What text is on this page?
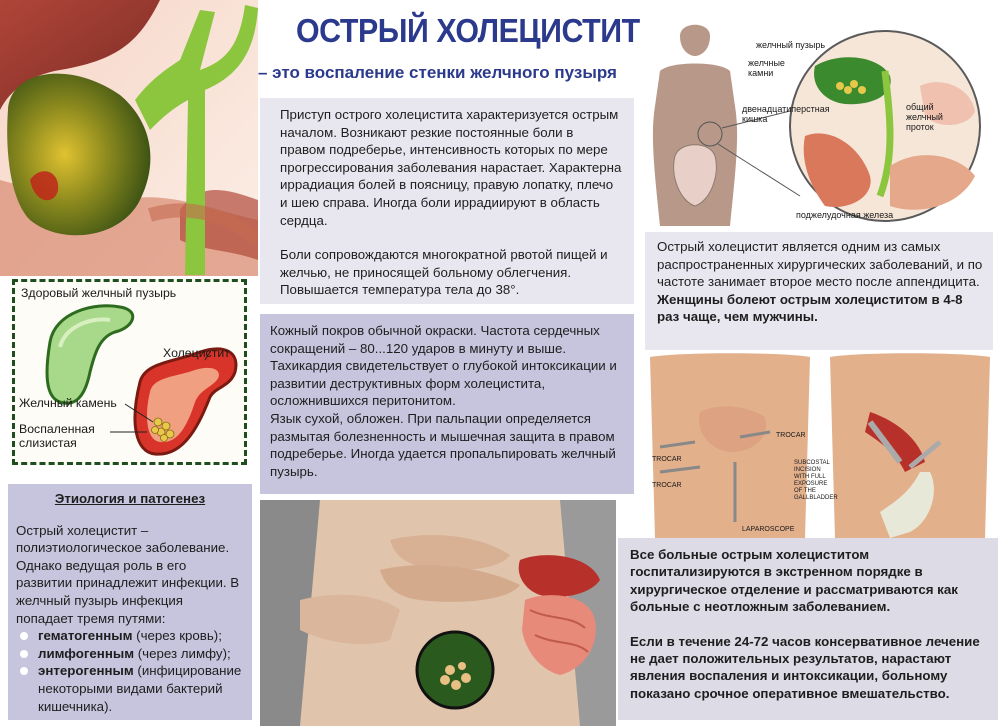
Здоровый желчный пузырь
Холецистит
Желчный камень
Воспаленная
слизистая
ОСТРЫЙ ХОЛЕЦИСТИТ
– это воспаление стенки желчного пузыря

Приступ острого холецистита характеризуется острым началом. Возникают резкие постоянные боли в правом подреберье, интенсивность которых по мере прогрессирования заболевания нарастает. Характерна иррадиация болей в поясницу, правую лопатку, плечо и шею справа. Иногда боли иррадиируют в область сердца.

Боли сопровождаются многократной рвотой пищей и желчью, не приносящей больному облегчения. Повышается температура тела до 38°.

Кожный покров обычной окраски. Частота сердечных сокращений – 80...120 ударов в минуту и выше. Тахикардия свидетельствует о глубокой интоксикации и развитии деструктивных форм холецистита, осложнившихся перитонитом.

Язык сухой, обложен. При пальпации определяется размытая болезненность и мышечная защита в правом подреберье. Иногда удается пропальпировать желчный пузырь.

желчный пузырь
желчные
камни
двенадцатиперстная
кишка
общий
желчный
проток
поджелудочная железа

Острый холецистит является одним из самых распространенных хирургических заболеваний, и по частоте занимает второе место после аппендицита.

Женщины болеют острым холециститом в 4-8 раз чаще, чем мужчины.

TROCAR
TROCAR
TROCAR
LAPAROSCOPE
SUBCOSTAL
INCISION
WITH FULL
EXPOSURE
OF THE
GALLBLADDER

Этиология и патогенез

Острый холецистит – полиэтиологическое заболевание. Однако ведущая роль в его развитии принадлежит инфекции. В желчный пузырь инфекция попадает тремя путями:

гематогенным (через кровь);
лимфогенным (через лимфу);
энтерогенным (инфицирование некоторыми видами бактерий кишечника).

Все больные острым холециститом госпитализируются в экстренном порядке в хирургическое отделение и рассматриваются как больные с неотложным заболеванием.

Если в течение 24-72 часов консервативное лечение не дает положительных результатов, нарастают явления воспаления и интоксикации, больному показано срочное оперативное вмешательство.
